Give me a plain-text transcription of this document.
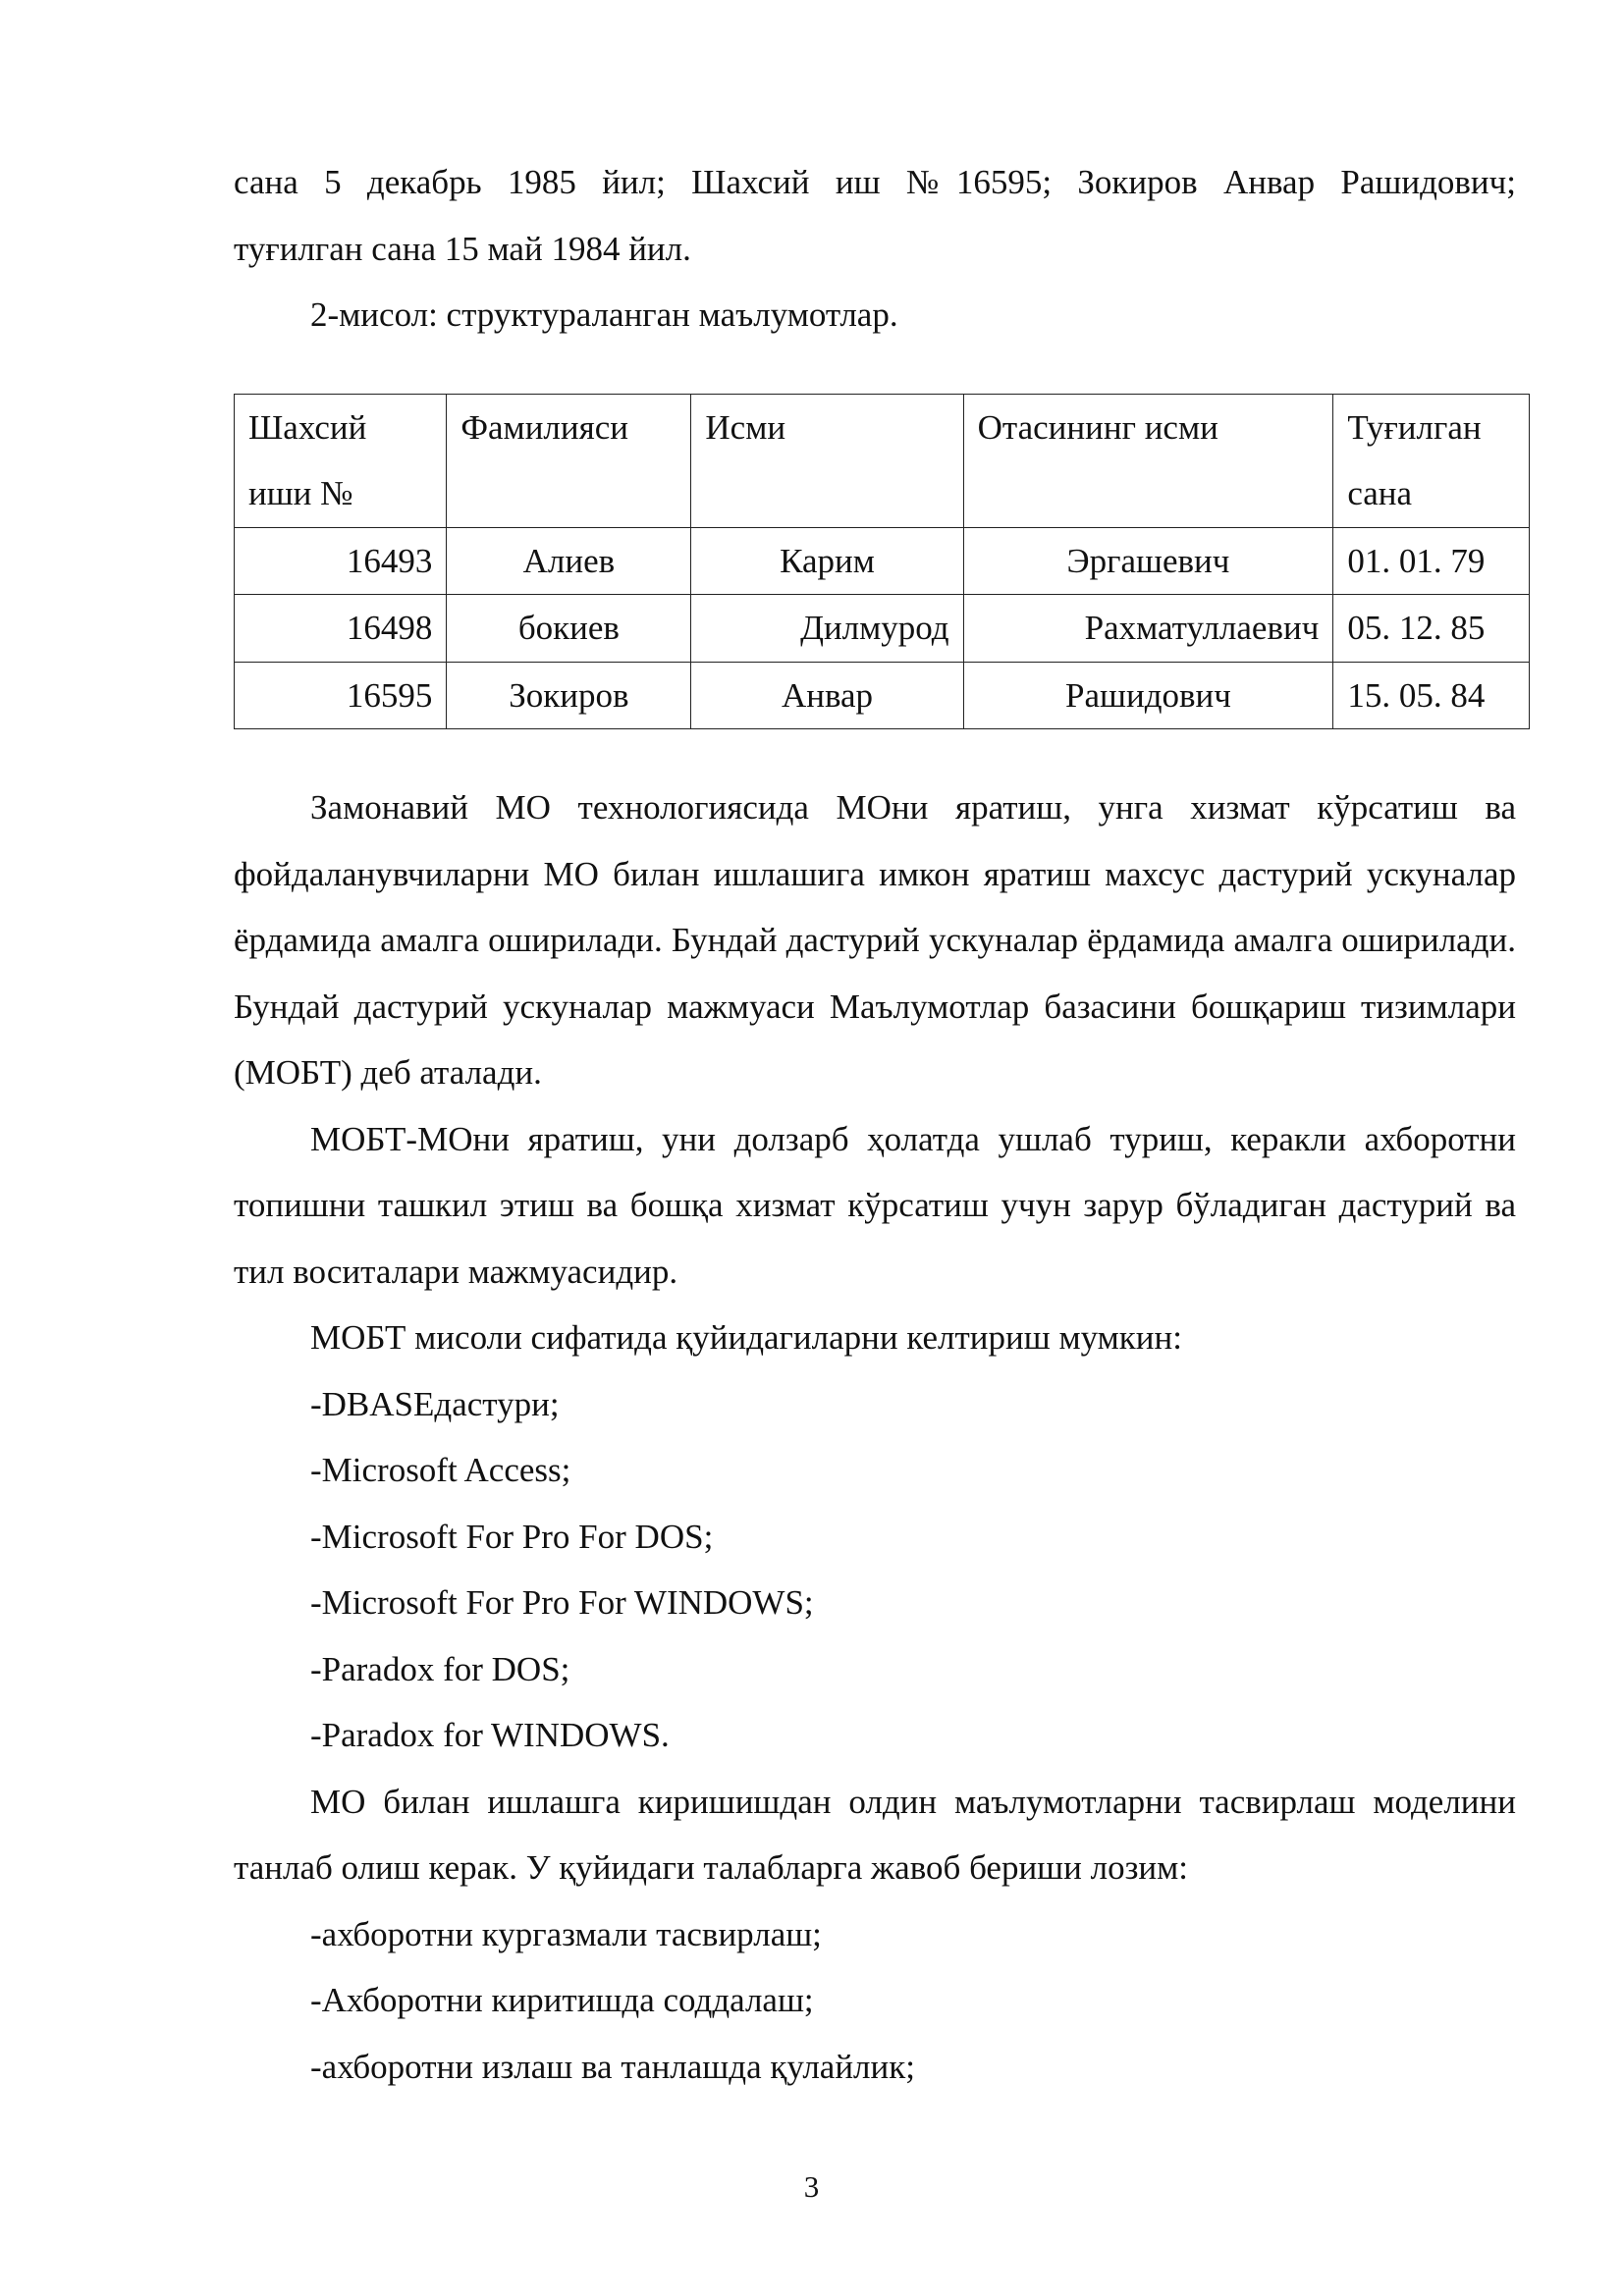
сана 5 декабрь 1985 йил; Шахсий иш №16595; Зокиров Анвар Рашидович;

туғилган сана 15 май 1984 йил.

2-мисол: структураланган маълумотлар.

Шахсий иши №	Фамилияси	Исми	Отасининг исми	Туғилган сана
16493	Алиев	Карим	Эргашевич	01. 01. 79
16498	бокиев	Дилмурод	Рахматуллаевич	05. 12. 85
16595	Зокиров	Анвар	Рашидович	15. 05. 84

Замонавий МО технологиясида МОни яратиш, унга хизмат кўрсатиш ва фойдаланувчиларни МО билан ишлашига имкон яратиш махсус дастурий ускуналар ёрдамида амалга оширилади. Бундай дастурий ускуналар ёрдамида амалга оширилади. Бундай дастурий ускуналар мажмуаси Маълумотлар базасини бошқариш тизимлари (МОБТ) деб аталади.

МОБТ-МОни яратиш, уни долзарб ҳолатда ушлаб туриш, керакли ахборотни топишни ташкил этиш ва бошқа хизмат кўрсатиш учун зарур бўладиган дастурий ва тил воситалари мажмуасидир.

МОБТ мисоли сифатида қуйидагиларни келтириш мумкин:

-DBASEдастури;

-Microsoft Access;

-Microsoft For Pro For DOS;

-Microsoft For Pro For WINDOWS;

-Paradox for DOS;

-Paradox for WINDOWS.

МО билан ишлашга киришишдан олдин маълумотларни тасвирлаш моделини танлаб олиш керак. У қуйидаги талабларга жавоб бериши лозим:

-ахборотни кургазмали тасвирлаш;

-Ахборотни киритишда соддалаш;

-ахборотни излаш ва танлашда қулайлик;

3
